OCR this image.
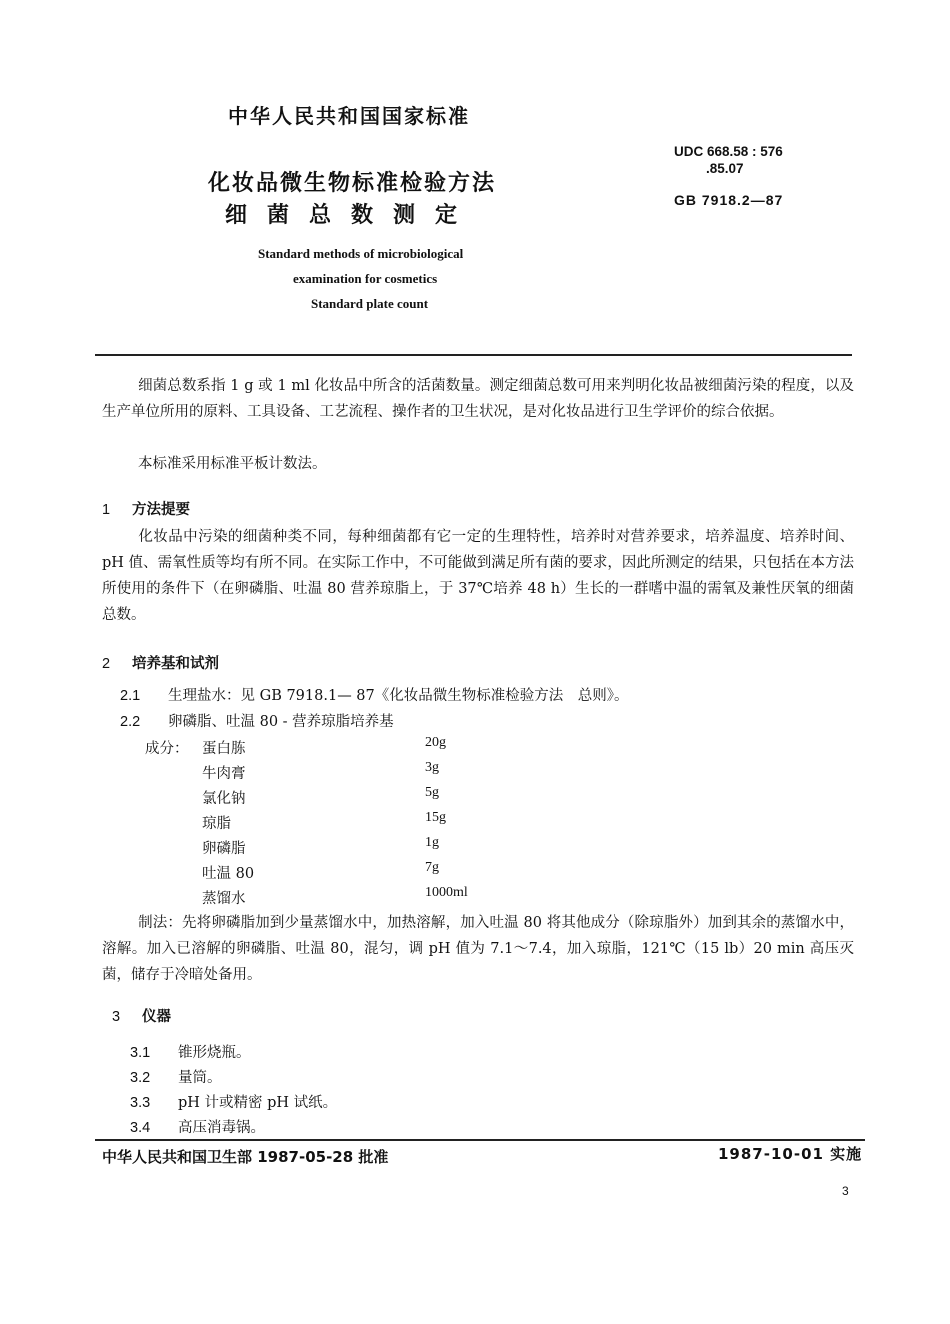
中华人民共和国国家标准
化妆品微生物标准检验方法
细菌总数测定
Standard methods of microbiological
examination for cosmetics
Standard plate count
UDC 668.58 : 576
.85.07
GB 7918.2—87
细菌总数系指 1 g 或 1 ml 化妆品中所含的活菌数量。测定细菌总数可用来判明化妆品被细菌污染的程度，以及生产单位所用的原料、工具设备、工艺流程、操作者的卫生状况，是对化妆品进行卫生学评价的综合依据。
本标准采用标准平板计数法。
1 方法提要
化妆品中污染的细菌种类不同，每种细菌都有它一定的生理特性，培养时对营养要求，培养温度、培养时间、pH 值、需氧性质等均有所不同。在实际工作中，不可能做到满足所有菌的要求，因此所测定的结果，只包括在本方法所使用的条件下（在卵磷脂、吐温 80 营养琼脂上，于 37℃培养 48 h）生长的一群嗜中温的需氧及兼性厌氧的细菌总数。
2 培养基和试剂
2.1 生理盐水：见 GB 7918.1— 87《化妆品微生物标准检验方法　总则》。
2.2 卵磷脂、吐温 80 - 营养琼脂培养基
成分： 蛋白胨	20g
牛肉膏	3g
氯化钠	5g
琼脂	15g
卵磷脂	1g
吐温 80	7g
蒸馏水	1000ml
制法：先将卵磷脂加到少量蒸馏水中，加热溶解，加入吐温 80 将其他成分（除琼脂外）加到其余的蒸馏水中，溶解。加入已溶解的卵磷脂、吐温 80，混匀，调 pH 值为 7.1～7.4，加入琼脂，121℃（15 lb）20 min 高压灭菌，储存于冷暗处备用。
3 仪器
3.1 锥形烧瓶。
3.2 量筒。
3.3 pH 计或精密 pH 试纸。
3.4 高压消毒锅。
中华人民共和国卫生部 1987-05-28 批准	1987-10-01 实施
3
